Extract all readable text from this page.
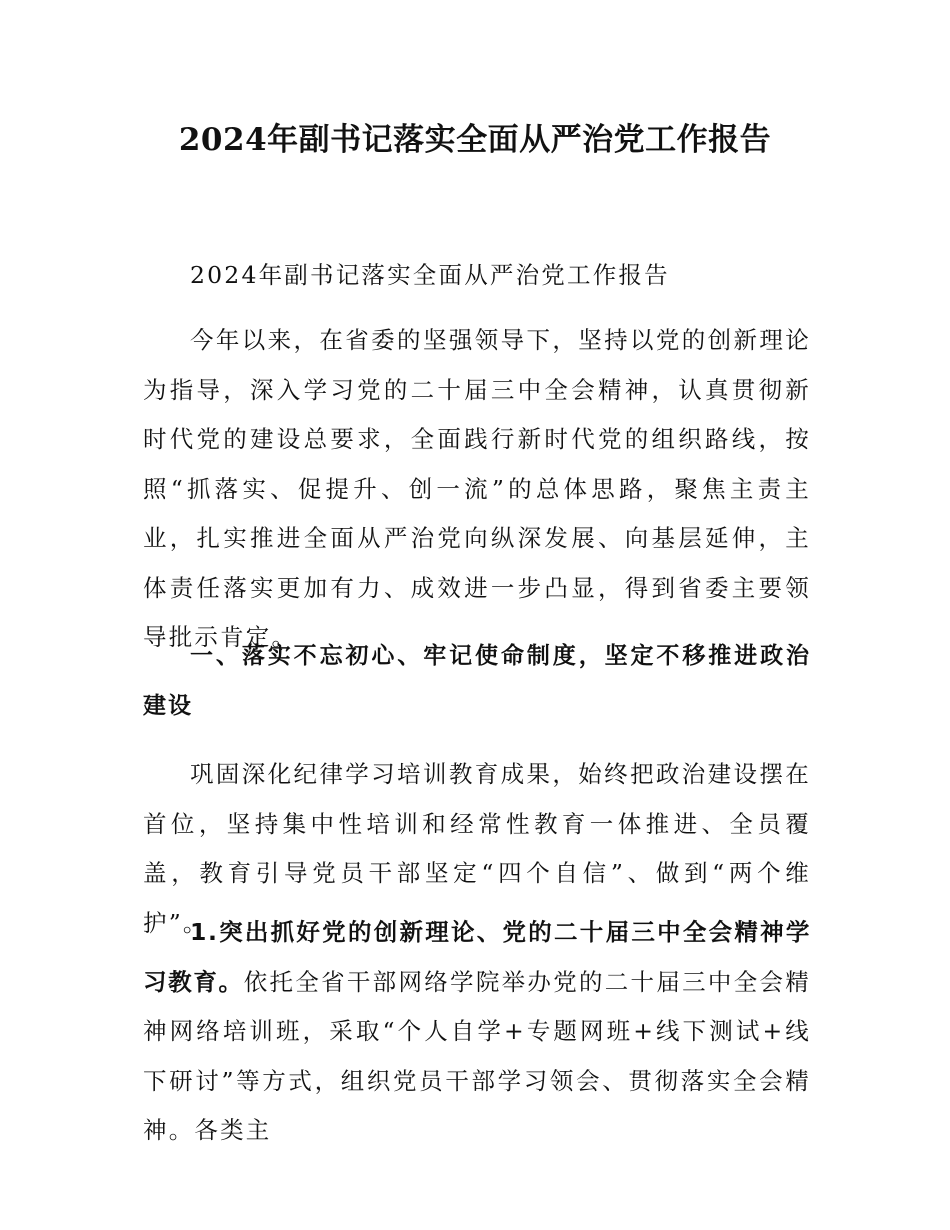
2024年副书记落实全面从严治党工作报告

2024年副书记落实全面从严治党工作报告

今年以来，在省委的坚强领导下，坚持以党的创新理论为指导，深入学习党的二十届三中全会精神，认真贯彻新时代党的建设总要求，全面践行新时代党的组织路线，按照“抓落实、促提升、创一流”的总体思路，聚焦主责主业，扎实推进全面从严治党向纵深发展、向基层延伸，主体责任落实更加有力、成效进一步凸显，得到省委主要领导批示肯定。

一、落实不忘初心、牢记使命制度，坚定不移推进政治建设

巩固深化纪律学习培训教育成果，始终把政治建设摆在首位，坚持集中性培训和经常性教育一体推进、全员覆盖，教育引导党员干部坚定“四个自信”、做到“两个维护”。

1.突出抓好党的创新理论、党的二十届三中全会精神学习教育。依托全省干部网络学院举办党的二十届三中全会精神网络培训班，采取“个人自学+专题网班+线下测试+线下研讨”等方式，组织党员干部学习领会、贯彻落实全会精神。各类主
